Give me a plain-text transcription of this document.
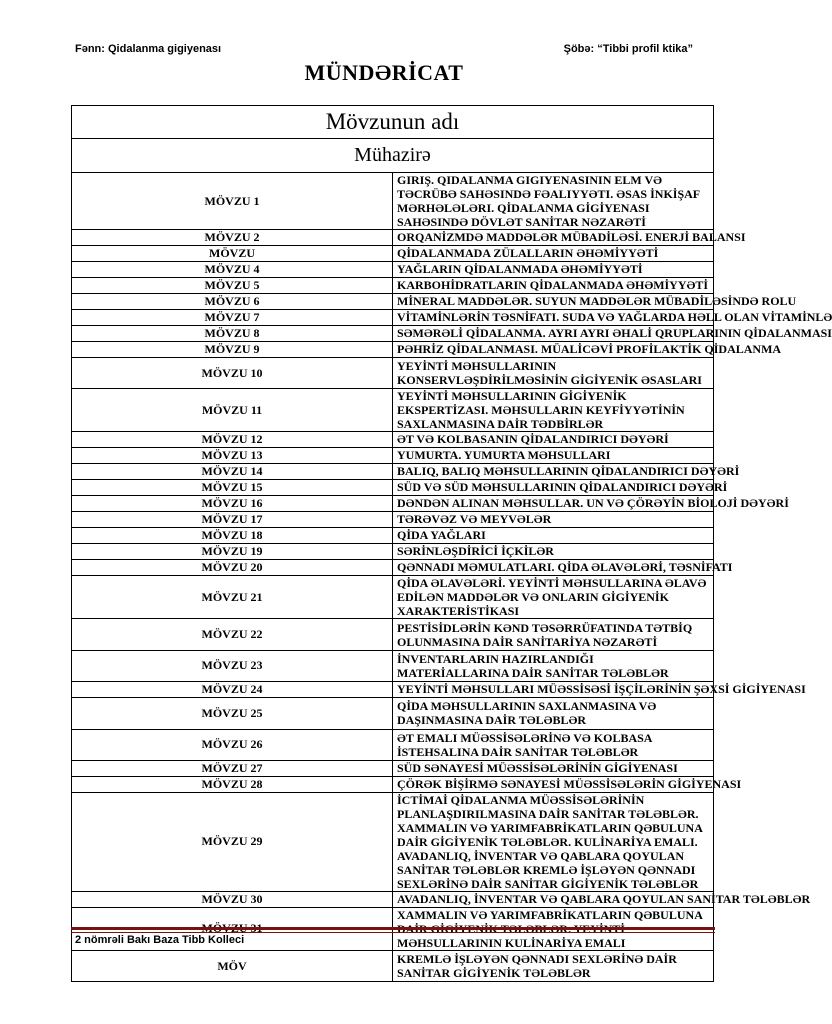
Fənn: Qidalanma gigiyenası	Şöbə: “Tibbi profil ktika”
MÜNDƏRİCAT
Mövzunun adı	
Mühazirə	
MÖVZU 1	GIRIŞ. QIDALANMA GIGIYENASININ ELM VƏ TƏCRÜBƏ SAHƏSINDƏ FƏALIYYƏTI. ƏSAS İNKİŞAF MƏRHƏLƏLƏRI. QİDALANMA GİGİYENASI SAHƏSINDƏ DÖVLƏT SANİTAR NƏZARƏTİ
MÖVZU 2	ORQANİZMDƏ MADDƏLƏR MÜBADİLƏSİ. ENERJİ BALANSI
MÖVZU	QİDALANMADA ZÜLALLARIN ƏHƏMİYYƏTİ
MÖVZU 4	YAĞLARIN QİDALANMADA ƏHƏMİYYƏTİ
MÖVZU 5	KARBOHİDRATLARIN QİDALANMADA ƏHƏMİYYƏTİ
MÖVZU 6	MİNERAL MADDƏLƏR. SUYUN MADDƏLƏR MÜBADİLƏSİNDƏ ROLU
MÖVZU 7	VİTAMİNLƏRİN TƏSNİFATI. SUDA VƏ YAĞLARDA HƏLL OLAN VİTAMİNLƏ
MÖVZU 8	SƏMƏRƏLİ QİDALANMA. AYRI AYRI ƏHALİ QRUPLARININ QİDALANMASI
MÖVZU 9	PƏHRİZ QİDALANMASI. MÜALİCƏVİ PROFİLAKTİK QİDALANMA
MÖVZU 10	YEYİNTİ MƏHSULLARININ KONSERVLƏŞDİRİLMƏSİNİN GİGİYENİK ƏSASLARI
MÖVZU 11	YEYİNTİ MƏHSULLARININ GİGİYENİK EKSPERTİZASI. MƏHSULLARIN KEYFİYYƏTİNİN SAXLANMASINA DAİR TƏDBİRLƏR
MÖVZU 12	ƏT VƏ KOLBASANIN QİDALANDIRICI DƏYƏRİ
MÖVZU 13	YUMURTA. YUMURTA MƏHSULLARI
MÖVZU 14	BALIQ, BALIQ MƏHSULLARININ QİDALANDIRICI DƏYƏRİ
MÖVZU 15	SÜD VƏ SÜD MƏHSULLARININ QİDALANDIRICI DƏYƏRİ
MÖVZU 16	DƏNDƏN ALINAN MƏHSULLAR. UN VƏ ÇÖRƏYİN BİOLOJİ DƏYƏRİ
MÖVZU 17	TƏRƏVƏZ VƏ MEYVƏLƏR
MÖVZU 18	QİDA YAĞLARI
MÖVZU 19	SƏRİNLƏŞDİRİCİ İÇKİLƏR
MÖVZU 20	QƏNNADI MƏMULATLARI. QİDA ƏLAVƏLƏRİ, TƏSNİFATI
MÖVZU 21	QİDA ƏLAVƏLƏRİ. YEYİNTİ MƏHSULLARINA ƏLAVƏ EDİLƏN MADDƏLƏR VƏ ONLARIN GİGİYENİK XARAKTERİSTİKASI
MÖVZU 22	PESTİSİDLƏRİN KƏND TƏSƏRRÜFATINDA TƏTBİQ OLUNMASINA DAİR SANİTARİYA NƏZARƏTİ
MÖVZU 23	İNVENTARLARIN HAZIRLANDIĞI MATERİALLARINA DAİR SANİTAR TƏLƏBLƏR
MÖVZU 24	YEYİNTİ MƏHSULLARI MÜƏSSİSƏSİ İŞÇİLƏRİNİN ŞƏXSİ GİGİYENASI
MÖVZU 25	QİDA MƏHSULLARININ SAXLANMASINA VƏ DAŞINMASINA DAİR TƏLƏBLƏR
MÖVZU 26	ƏT EMALI MÜƏSSİSƏLƏRİNƏ VƏ KOLBASA İSTEHSALINA DAİR SANİTAR TƏLƏBLƏR
MÖVZU 27	SÜD SƏNAYESİ MÜƏSSİSƏLƏRİNİN GİGİYENASI
MÖVZU 28	ÇÖRƏK BİŞİRMƏ SƏNAYESİ MÜƏSSİSƏLƏRİN GİGİYENASI
MÖVZU 29	İCTİMAİ QİDALANMA MÜƏSSİSƏLƏRİNİN PLANLAŞDIRILMASINA DAİR SANİTAR TƏLƏBLƏR. XAMMALIN VƏ YARIMFABRİKATLARIN QƏBULUNA DAİR GİGİYENİK TƏLƏBLƏR. KULİNARİYA EMALI. AVADANLIQ, İNVENTAR VƏ QABLARA QOYULAN SANİTAR TƏLƏBLƏR KREMLƏ İŞLƏYƏN QƏNNADI SEXLƏRİNƏ DAİR SANİTAR GİGİYENİK TƏLƏBLƏR
MÖVZU 30	AVADANLIQ, İNVENTAR VƏ QABLARA QOYULAN SANİTAR TƏLƏBLƏR
MÖVZU 31	XAMMALIN VƏ YARIMFABRİKATLARIN QƏBULUNA DAİR GİGİYENİK TƏLƏBLƏR. YEYİNTİ MƏHSULLARININ KULİNARİYA EMALI
MÖV	KREMLƏ İŞLƏYƏN QƏNNADI SEXLƏRİNƏ DAİR SANİTAR GİGİYENİK TƏLƏBLƏR
2 nömrəli Bakı Baza Tibb Kolleci
